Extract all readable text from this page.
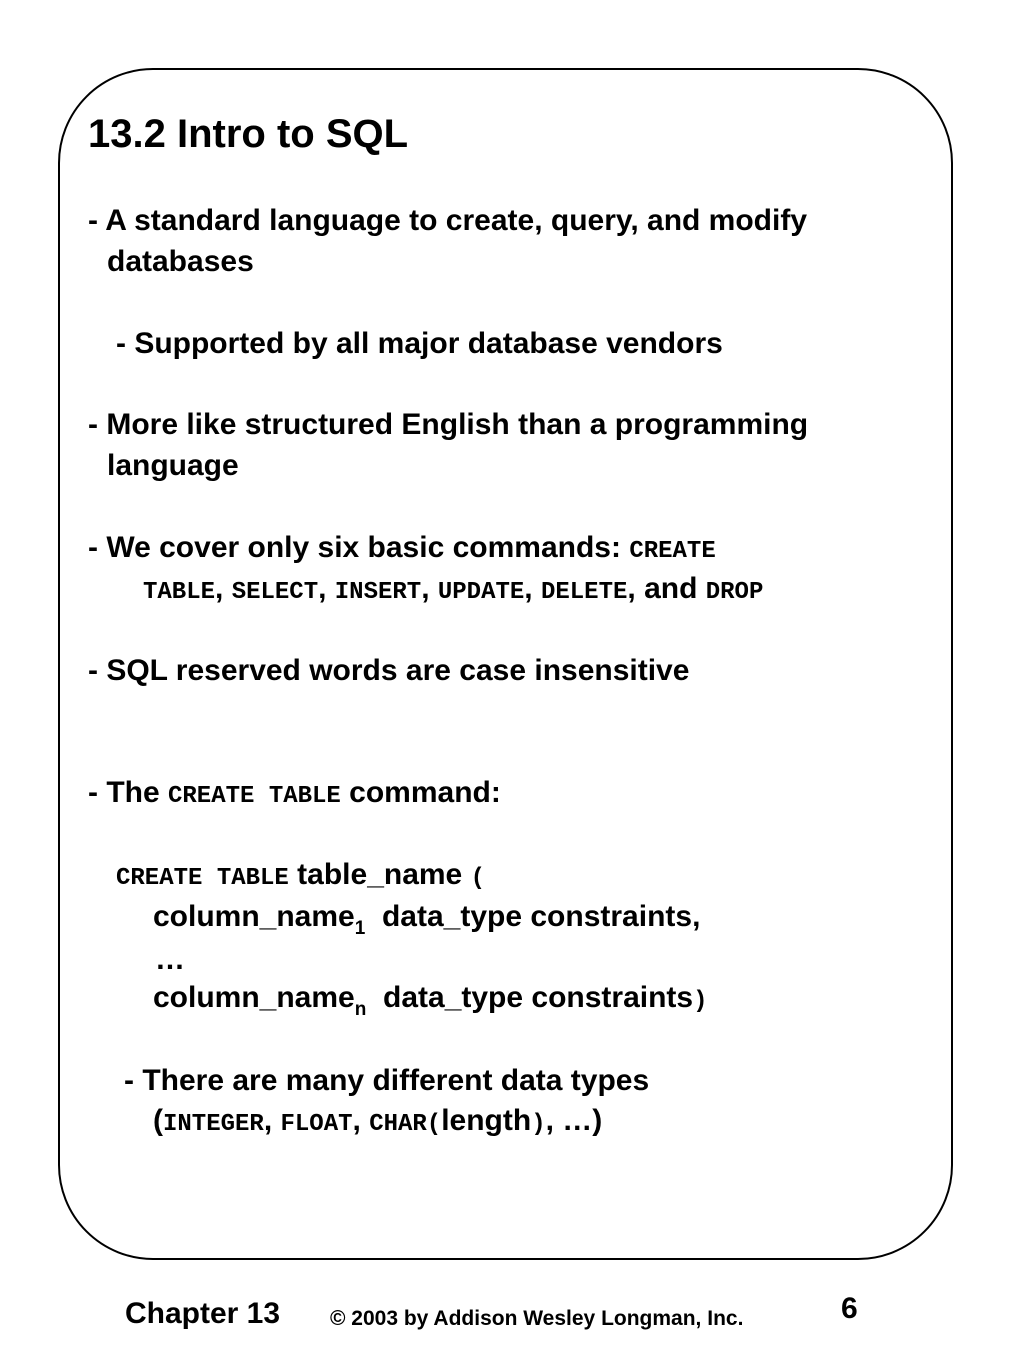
13.2 Intro to SQL
- A standard language to create, query, and modify
databases
- Supported by all major database vendors
- More like structured English than a programming
language
- We cover only six basic commands: CREATE
TABLE, SELECT, INSERT, UPDATE, DELETE, and DROP
- SQL reserved words are case insensitive
- The CREATE TABLE command:
CREATE TABLE table_name (
column_name$_1$ data_type constraints,
…
column_name$_n$ data_type constraints)
- There are many different data types
(INTEGER, FLOAT, CHAR(length), …)
Chapter 13 © 2003 by Addison Wesley Longman, Inc.	6
